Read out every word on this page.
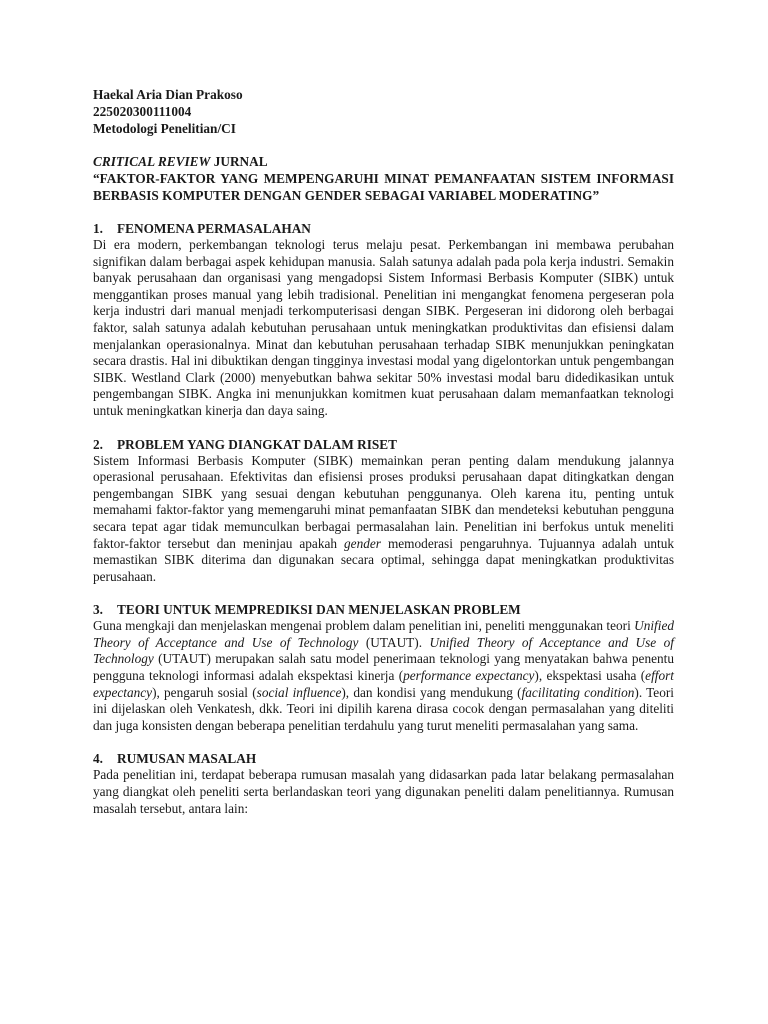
Haekal Aria Dian Prakoso

225020300111004

Metodologi Penelitian/CI

CRITICAL REVIEW JURNAL

“FAKTOR-FAKTOR YANG MEMPENGARUHI MINAT PEMANFAATAN SISTEM INFORMASI BERBASIS KOMPUTER DENGAN GENDER SEBAGAI VARIABEL MODERATING”

1. FENOMENA PERMASALAHAN

Di era modern, perkembangan teknologi terus melaju pesat. Perkembangan ini membawa perubahan signifikan dalam berbagai aspek kehidupan manusia. Salah satunya adalah pada pola kerja industri. Semakin banyak perusahaan dan organisasi yang mengadopsi Sistem Informasi Berbasis Komputer (SIBK) untuk menggantikan proses manual yang lebih tradisional. Penelitian ini mengangkat fenomena pergeseran pola kerja industri dari manual menjadi terkomputerisasi dengan SIBK. Pergeseran ini didorong oleh berbagai faktor, salah satunya adalah kebutuhan perusahaan untuk meningkatkan produktivitas dan efisiensi dalam menjalankan operasionalnya. Minat dan kebutuhan perusahaan terhadap SIBK menunjukkan peningkatan secara drastis. Hal ini dibuktikan dengan tingginya investasi modal yang digelontorkan untuk pengembangan SIBK. Westland Clark (2000) menyebutkan bahwa sekitar 50% investasi modal baru didedikasikan untuk pengembangan SIBK. Angka ini menunjukkan komitmen kuat perusahaan dalam memanfaatkan teknologi untuk meningkatkan kinerja dan daya saing.

2. PROBLEM YANG DIANGKAT DALAM RISET

Sistem Informasi Berbasis Komputer (SIBK) memainkan peran penting dalam mendukung jalannya operasional perusahaan. Efektivitas dan efisiensi proses produksi perusahaan dapat ditingkatkan dengan pengembangan SIBK yang sesuai dengan kebutuhan penggunanya. Oleh karena itu, penting untuk memahami faktor-faktor yang memengaruhi minat pemanfaatan SIBK dan mendeteksi kebutuhan pengguna secara tepat agar tidak memunculkan berbagai permasalahan lain. Penelitian ini berfokus untuk meneliti faktor-faktor tersebut dan meninjau apakah gender memoderasi pengaruhnya. Tujuannya adalah untuk memastikan SIBK diterima dan digunakan secara optimal, sehingga dapat meningkatkan produktivitas perusahaan.

3. TEORI UNTUK MEMPREDIKSI DAN MENJELASKAN PROBLEM

Guna mengkaji dan menjelaskan mengenai problem dalam penelitian ini, peneliti menggunakan teori Unified Theory of Acceptance and Use of Technology (UTAUT). Unified Theory of Acceptance and Use of Technology (UTAUT) merupakan salah satu model penerimaan teknologi yang menyatakan bahwa penentu pengguna teknologi informasi adalah ekspektasi kinerja (performance expectancy), ekspektasi usaha (effort expectancy), pengaruh sosial (social influence), dan kondisi yang mendukung (facilitating condition). Teori ini dijelaskan oleh Venkatesh, dkk. Teori ini dipilih karena dirasa cocok dengan permasalahan yang diteliti dan juga konsisten dengan beberapa penelitian terdahulu yang turut meneliti permasalahan yang sama.

4. RUMUSAN MASALAH

Pada penelitian ini, terdapat beberapa rumusan masalah yang didasarkan pada latar belakang permasalahan yang diangkat oleh peneliti serta berlandaskan teori yang digunakan peneliti dalam penelitiannya. Rumusan masalah tersebut, antara lain:
